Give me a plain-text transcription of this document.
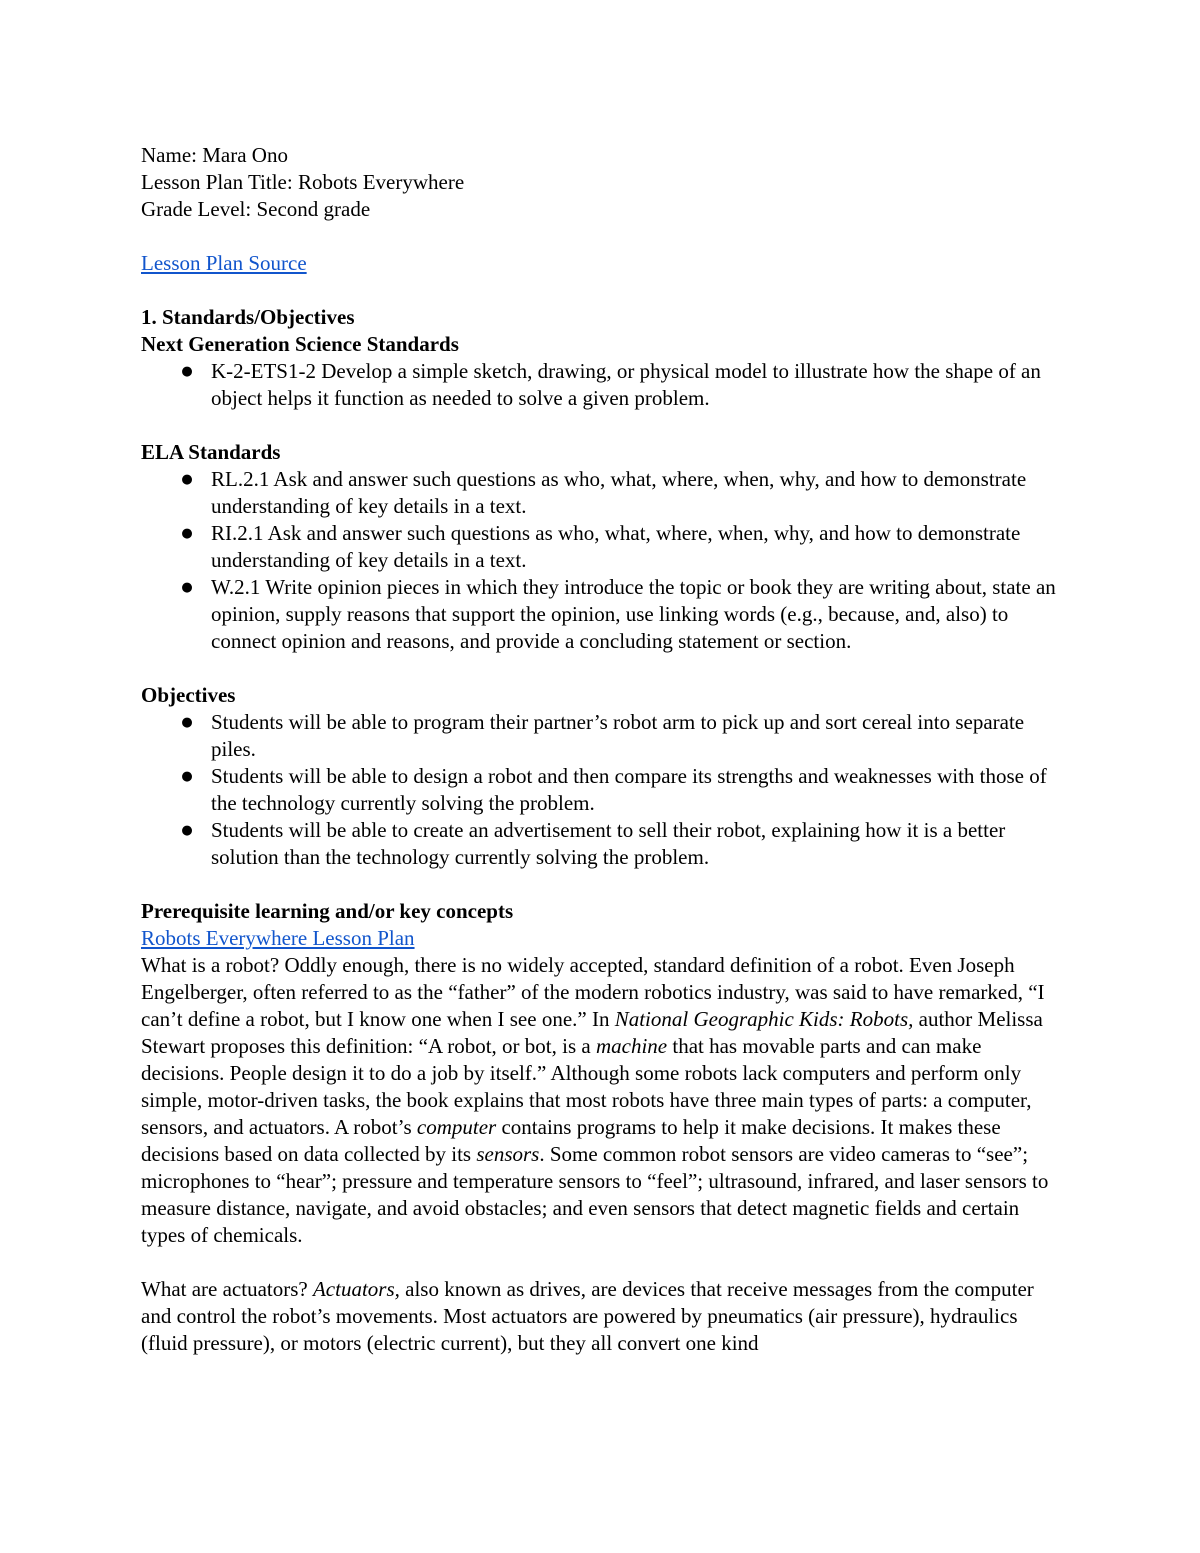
Name: Mara Ono

Lesson Plan Title: Robots Everywhere

Grade Level: Second grade

Lesson Plan Source

1. Standards/Objectives

Next Generation Science Standards

● K-2-ETS1-2 Develop a simple sketch, drawing, or physical model to illustrate how the shape of an object helps it function as needed to solve a given problem.

ELA Standards

● RL.2.1 Ask and answer such questions as who, what, where, when, why, and how to demonstrate understanding of key details in a text.
● RI.2.1 Ask and answer such questions as who, what, where, when, why, and how to demonstrate understanding of key details in a text.
● W.2.1 Write opinion pieces in which they introduce the topic or book they are writing about, state an opinion, supply reasons that support the opinion, use linking words (e.g., because, and, also) to connect opinion and reasons, and provide a concluding statement or section.

Objectives

● Students will be able to program their partner’s robot arm to pick up and sort cereal into separate piles.
● Students will be able to design a robot and then compare its strengths and weaknesses with those of the technology currently solving the problem.
● Students will be able to create an advertisement to sell their robot, explaining how it is a better solution than the technology currently solving the problem.

Prerequisite learning and/or key concepts

Robots Everywhere Lesson Plan

What is a robot? Oddly enough, there is no widely accepted, standard definition of a robot. Even Joseph Engelberger, often referred to as the “father” of the modern robotics industry, was said to have remarked, “I can’t define a robot, but I know one when I see one.” In National Geographic Kids: Robots, author Melissa Stewart proposes this definition: “A robot, or bot, is a machine that has movable parts and can make decisions. People design it to do a job by itself.” Although some robots lack computers and perform only simple, motor-driven tasks, the book explains that most robots have three main types of parts: a computer, sensors, and actuators. A robot’s computer contains programs to help it make decisions. It makes these decisions based on data collected by its sensors. Some common robot sensors are video cameras to “see”; microphones to “hear”; pressure and temperature sensors to “feel”; ultrasound, infrared, and laser sensors to measure distance, navigate, and avoid obstacles; and even sensors that detect magnetic fields and certain types of chemicals.

What are actuators? Actuators, also known as drives, are devices that receive messages from the computer and control the robot’s movements. Most actuators are powered by pneumatics (air pressure), hydraulics (fluid pressure), or motors (electric current), but they all convert one kind
